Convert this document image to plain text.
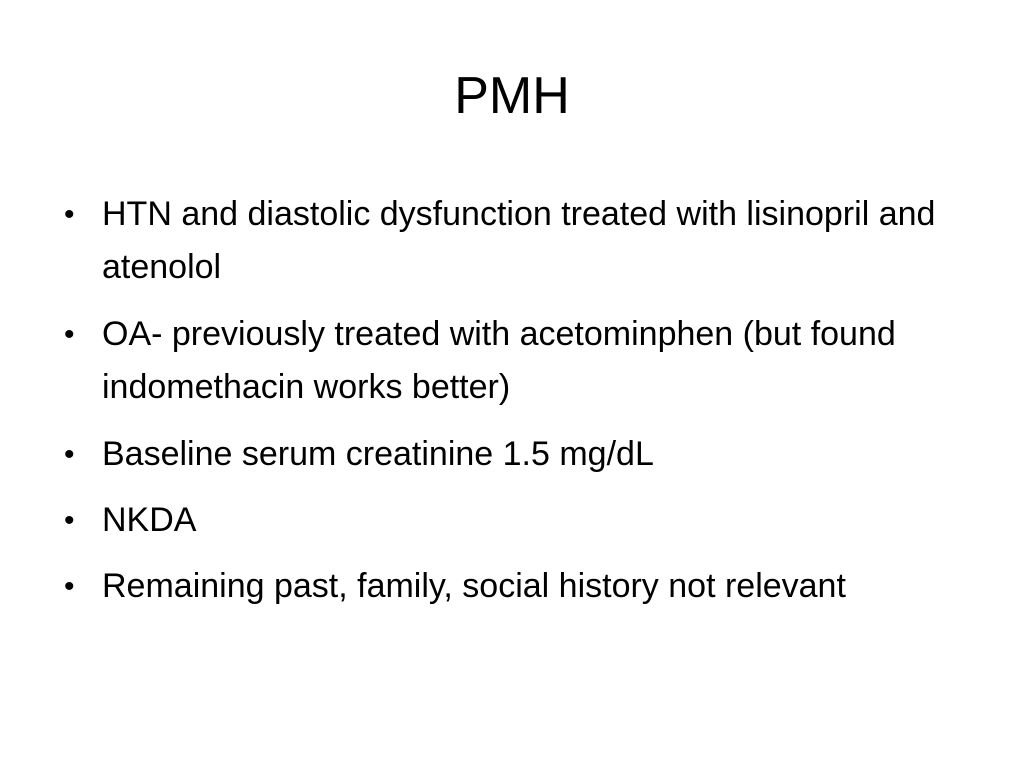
PMH
• HTN and diastolic dysfunction treated with lisinopril and atenolol
• OA- previously treated with acetominphen (but found indomethacin works better)
• Baseline serum creatinine 1.5 mg/dL
• NKDA
• Remaining past, family, social history not relevant
